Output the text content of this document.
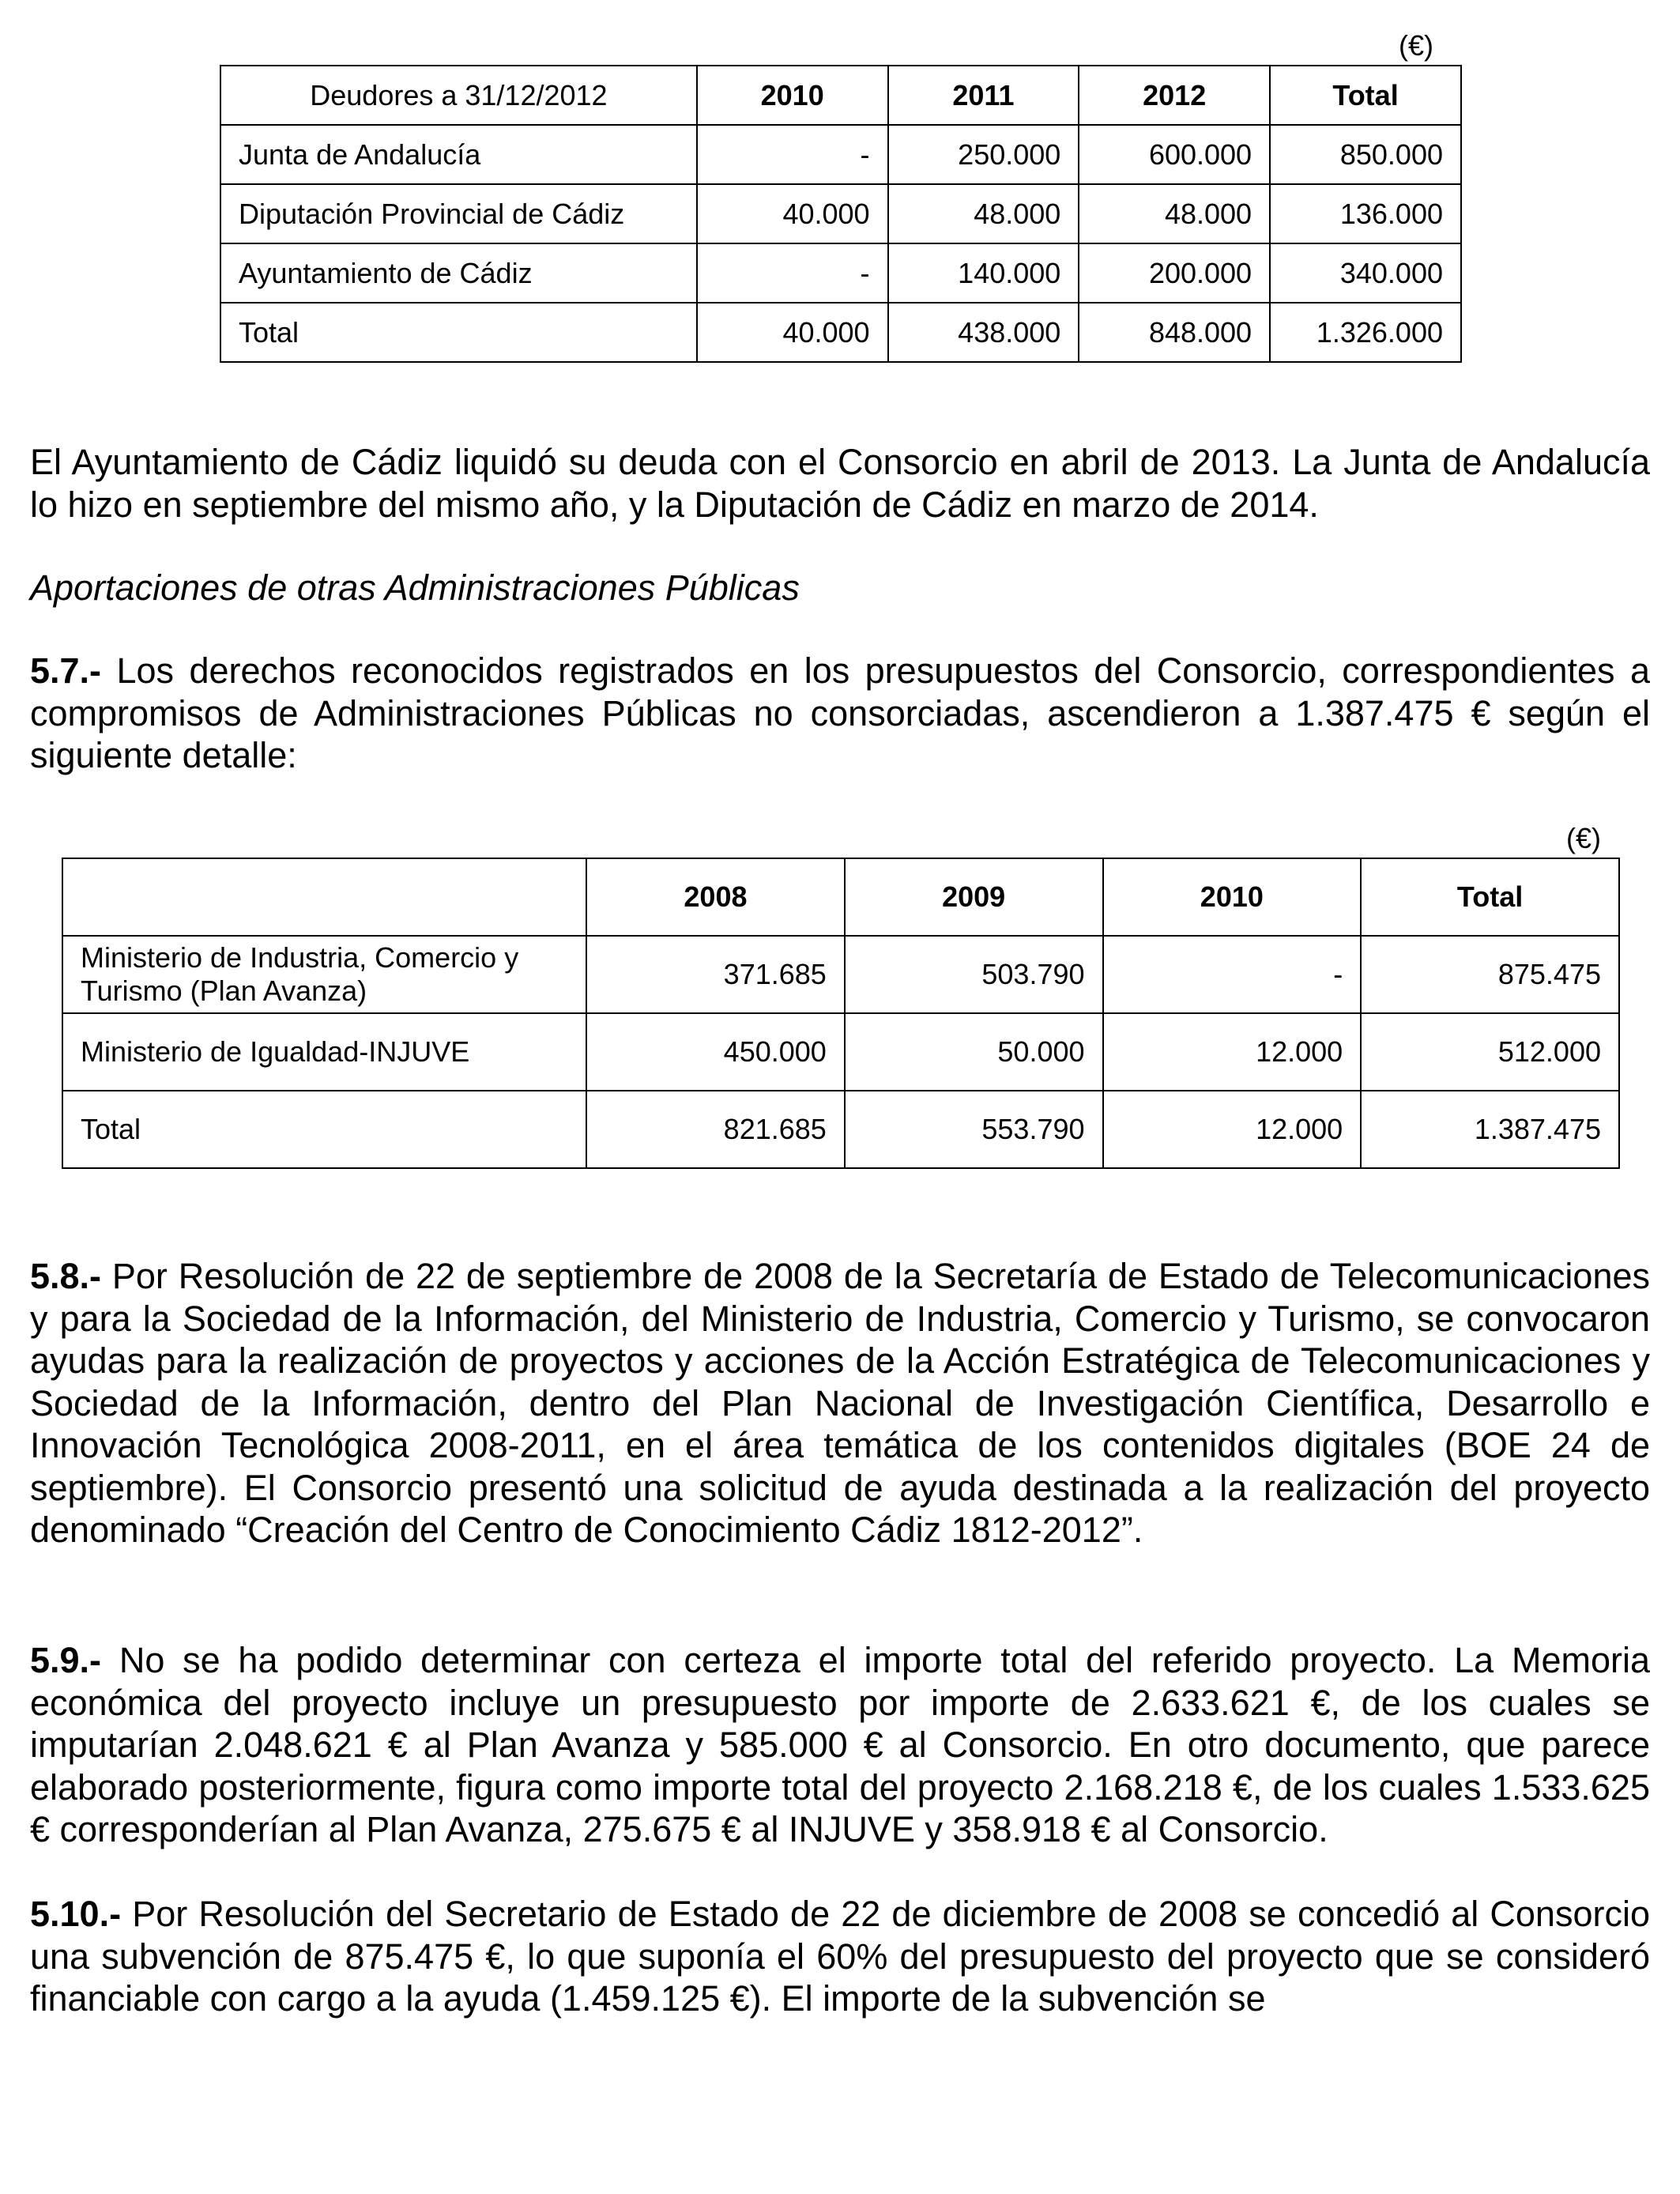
(€)
Deudores a 31/12/2012	2010	2011	2012	Total
Junta de Andalucía	-	250.000	600.000	850.000
Diputación Provincial de Cádiz	40.000	48.000	48.000	136.000
Ayuntamiento de Cádiz	-	140.000	200.000	340.000
Total	40.000	438.000	848.000	1.326.000

El Ayuntamiento de Cádiz liquidó su deuda con el Consorcio en abril de 2013. La Junta de Andalucía lo hizo en septiembre del mismo año, y la Diputación de Cádiz en marzo de 2014.

Aportaciones de otras Administraciones Públicas

5.7.- Los derechos reconocidos registrados en los presupuestos del Consorcio, correspondientes a compromisos de Administraciones Públicas no consorciadas, ascendieron a 1.387.475 € según el siguiente detalle:

(€)
	2008	2009	2010	Total
Ministerio de Industria, Comercio y Turismo (Plan Avanza)	371.685	503.790	-	875.475
Ministerio de Igualdad-INJUVE	450.000	50.000	12.000	512.000
Total	821.685	553.790	12.000	1.387.475

5.8.- Por Resolución de 22 de septiembre de 2008 de la Secretaría de Estado de Telecomunicaciones y para la Sociedad de la Información, del Ministerio de Industria, Comercio y Turismo, se convocaron ayudas para la realización de proyectos y acciones de la Acción Estratégica de Telecomunicaciones y Sociedad de la Información, dentro del Plan Nacional de Investigación Científica, Desarrollo e Innovación Tecnológica 2008-2011, en el área temática de los contenidos digitales (BOE 24 de septiembre). El Consorcio presentó una solicitud de ayuda destinada a la realización del proyecto denominado “Creación del Centro de Conocimiento Cádiz 1812-2012”.

5.9.- No se ha podido determinar con certeza el importe total del referido proyecto. La Memoria económica del proyecto incluye un presupuesto por importe de 2.633.621 €, de los cuales se imputarían 2.048.621 € al Plan Avanza y 585.000 € al Consorcio. En otro documento, que parece elaborado posteriormente, figura como importe total del proyecto 2.168.218 €, de los cuales 1.533.625 € corresponderían al Plan Avanza, 275.675 € al INJUVE y 358.918 € al Consorcio.

5.10.- Por Resolución del Secretario de Estado de 22 de diciembre de 2008 se concedió al Consorcio una subvención de 875.475 €, lo que suponía el 60% del presupuesto del proyecto que se consideró financiable con cargo a la ayuda (1.459.125 €). El importe de la subvención se
